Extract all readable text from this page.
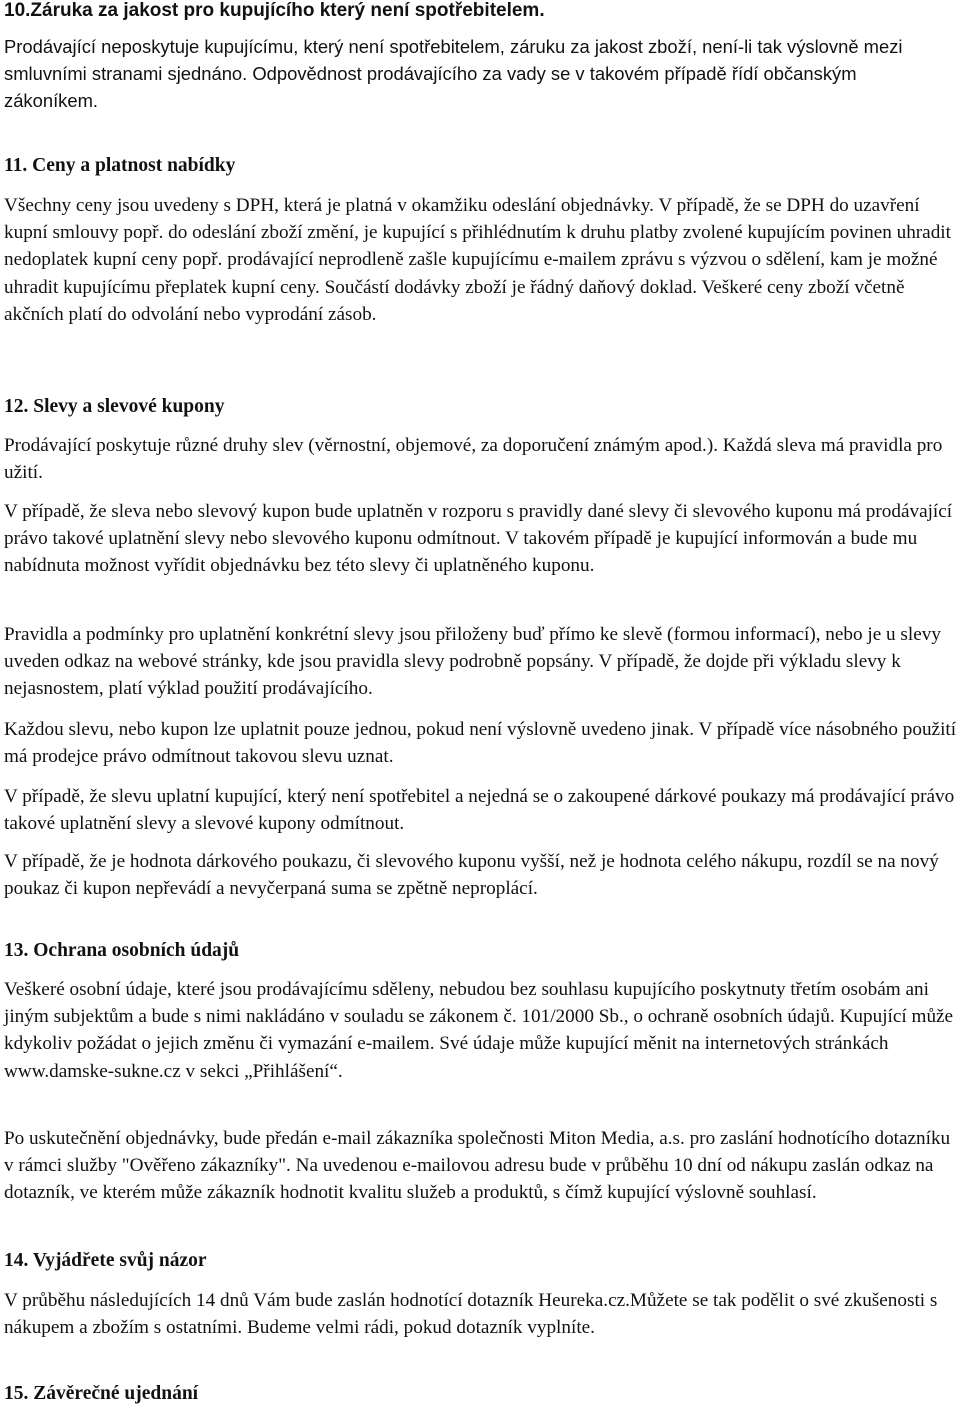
10.Záruka za jakost pro kupujícího který není spotřebitelem.

Prodávající neposkytuje kupujícímu, který není spotřebitelem, záruku za jakost zboží, není-li tak výslovně mezi smluvními stranami sjednáno. Odpovědnost prodávajícího za vady se v takovém případě řídí občanským zákoníkem.

11. Ceny a platnost nabídky

Všechny ceny jsou uvedeny s DPH, která je platná v okamžiku odeslání objednávky. V případě, že se DPH do uzavření kupní smlouvy popř. do odeslání zboží změní, je kupující s přihlédnutím k druhu platby zvolené kupujícím povinen uhradit nedoplatek kupní ceny popř. prodávající neprodleně zašle kupujícímu e-mailem zprávu s výzvou o sdělení, kam je možné uhradit kupujícímu přeplatek kupní ceny. Součástí dodávky zboží je řádný daňový doklad. Veškeré ceny zboží včetně akčních platí do odvolání nebo vyprodání zásob.

12. Slevy a slevové kupony

Prodávající poskytuje různé druhy slev (věrnostní, objemové, za doporučení známým apod.). Každá sleva má pravidla pro užití.

V případě, že sleva nebo slevový kupon bude uplatněn v rozporu s pravidly dané slevy či slevového kuponu má prodávající právo takové uplatnění slevy nebo slevového kuponu odmítnout. V takovém případě je kupující informován a bude mu nabídnuta možnost vyřídit objednávku bez této slevy či uplatněného kuponu.

Pravidla a podmínky pro uplatnění konkrétní slevy jsou přiloženy buď přímo ke slevě (formou informací), nebo je u slevy uveden odkaz na webové stránky, kde jsou pravidla slevy podrobně popsány. V případě, že dojde při výkladu slevy k nejasnostem, platí výklad použití prodávajícího.

Každou slevu, nebo kupon lze uplatnit pouze jednou, pokud není výslovně uvedeno jinak. V případě více násobného použití má prodejce právo odmítnout takovou slevu uznat.

V případě, že slevu uplatní kupující, který není spotřebitel a nejedná se o zakoupené dárkové poukazy má prodávající právo takové uplatnění slevy a slevové kupony odmítnout.

V případě, že je hodnota dárkového poukazu, či slevového kuponu vyšší, než je hodnota celého nákupu, rozdíl se na nový poukaz či kupon nepřevádí a nevyčerpaná suma se zpětně neproplácí.

13. Ochrana osobních údajů

Veškeré osobní údaje, které jsou prodávajícímu sděleny, nebudou bez souhlasu kupujícího poskytnuty třetím osobám ani jiným subjektům a bude s nimi nakládáno v souladu se zákonem č. 101/2000 Sb., o ochraně osobních údajů. Kupující může kdykoliv požádat o jejich změnu či vymazání e-mailem. Své údaje může kupující měnit na internetových stránkách www.damske-sukne.cz v sekci „Přihlášení“.

Po uskutečnění objednávky, bude předán e-mail zákazníka společnosti Miton Media, a.s. pro zaslání hodnotícího dotazníku v rámci služby "Ověřeno zákazníky". Na uvedenou e-mailovou adresu bude v průběhu 10 dní od nákupu zaslán odkaz na dotazník, ve kterém může zákazník hodnotit kvalitu služeb a produktů, s čímž kupující výslovně souhlasí.

14. Vyjádřete svůj názor

V průběhu následujících 14 dnů Vám bude zaslán hodnotící dotazník Heureka.cz.Můžete se tak podělit o své zkušenosti s nákupem a zbožím s ostatními. Budeme velmi rádi, pokud dotazník vyplníte.

15. Závěrečné ujednání
